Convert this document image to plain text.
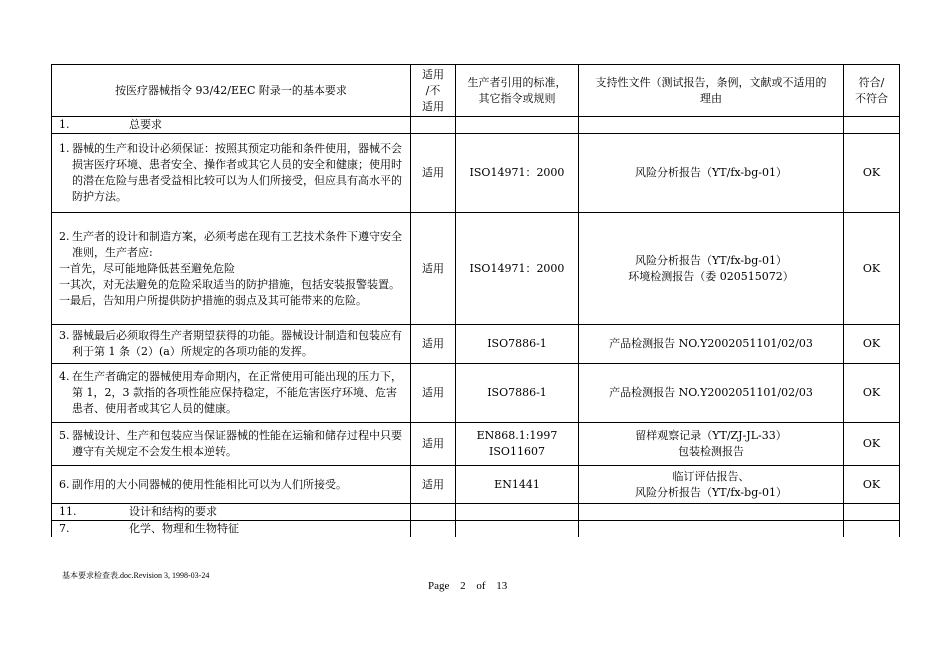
按医疗器械指令 93/42/EEC 附录一的基本要求	适用
/不
适用	生产者引用的标准，
其它指令或规则	支持性文件（测试报告，条例，文献或不适用的
理由	符合/
不符合

1. 总要求				

1. 器械的生产和设计必须保证：按照其预定功能和条件使用，器械不会损害医疗环境、患者安全、操作者或其它人员的安全和健康；使用时的潜在危险与患者受益相比较可以为人们所接受，但应具有高水平的防护方法。	适用	ISO14971：2000	风险分析报告（YT/fx-bg-01）	OK

2. 生产者的设计和制造方案，必须考虑在现有工艺技术条件下遵守安全准则，生产者应:
一首先，尽可能地降低甚至避免危险
一其次，对无法避免的危险采取适当的防护措施，包括安装报警装置。
一最后，告知用户所提供防护措施的弱点及其可能带来的危险。	适用	ISO14971：2000	风险分析报告（YT/fx-bg-01）
环境检测报告（委 020515072）	OK

3. 器械最后必须取得生产者期望获得的功能。器械设计制造和包装应有利于第 1 条（2）(a）所规定的各项功能的发挥。	适用	ISO7886-1	产品检测报告 NO.Y2002051101/02/03	OK

4. 在生产者确定的器械使用寿命期内，在正常使用可能出现的压力下，第 1，2，3 款指的各项性能应保持稳定，不能危害医疗环境、危害患者、使用者或其它人员的健康。	适用	ISO7886-1	产品检测报告 NO.Y2002051101/02/03	OK

5. 器械设计、生产和包装应当保证器械的性能在运输和储存过程中只要遵守有关规定不会发生根本逆转。	适用	EN868.1:1997
ISO11607	留样观察记录（YT/ZJ-JL-33）
包装检测报告	OK

6. 副作用的大小同器械的使用性能相比可以为人们所接受。	适用	EN1441	临订评估报告、
风险分析报告（YT/fx-bg-01）	OK
11. 设计和结构的要求				
7. 化学、物理和生物特征				
基本要求检查表.doc.Revision 3, 1998-03-24
Page 2 of 13
